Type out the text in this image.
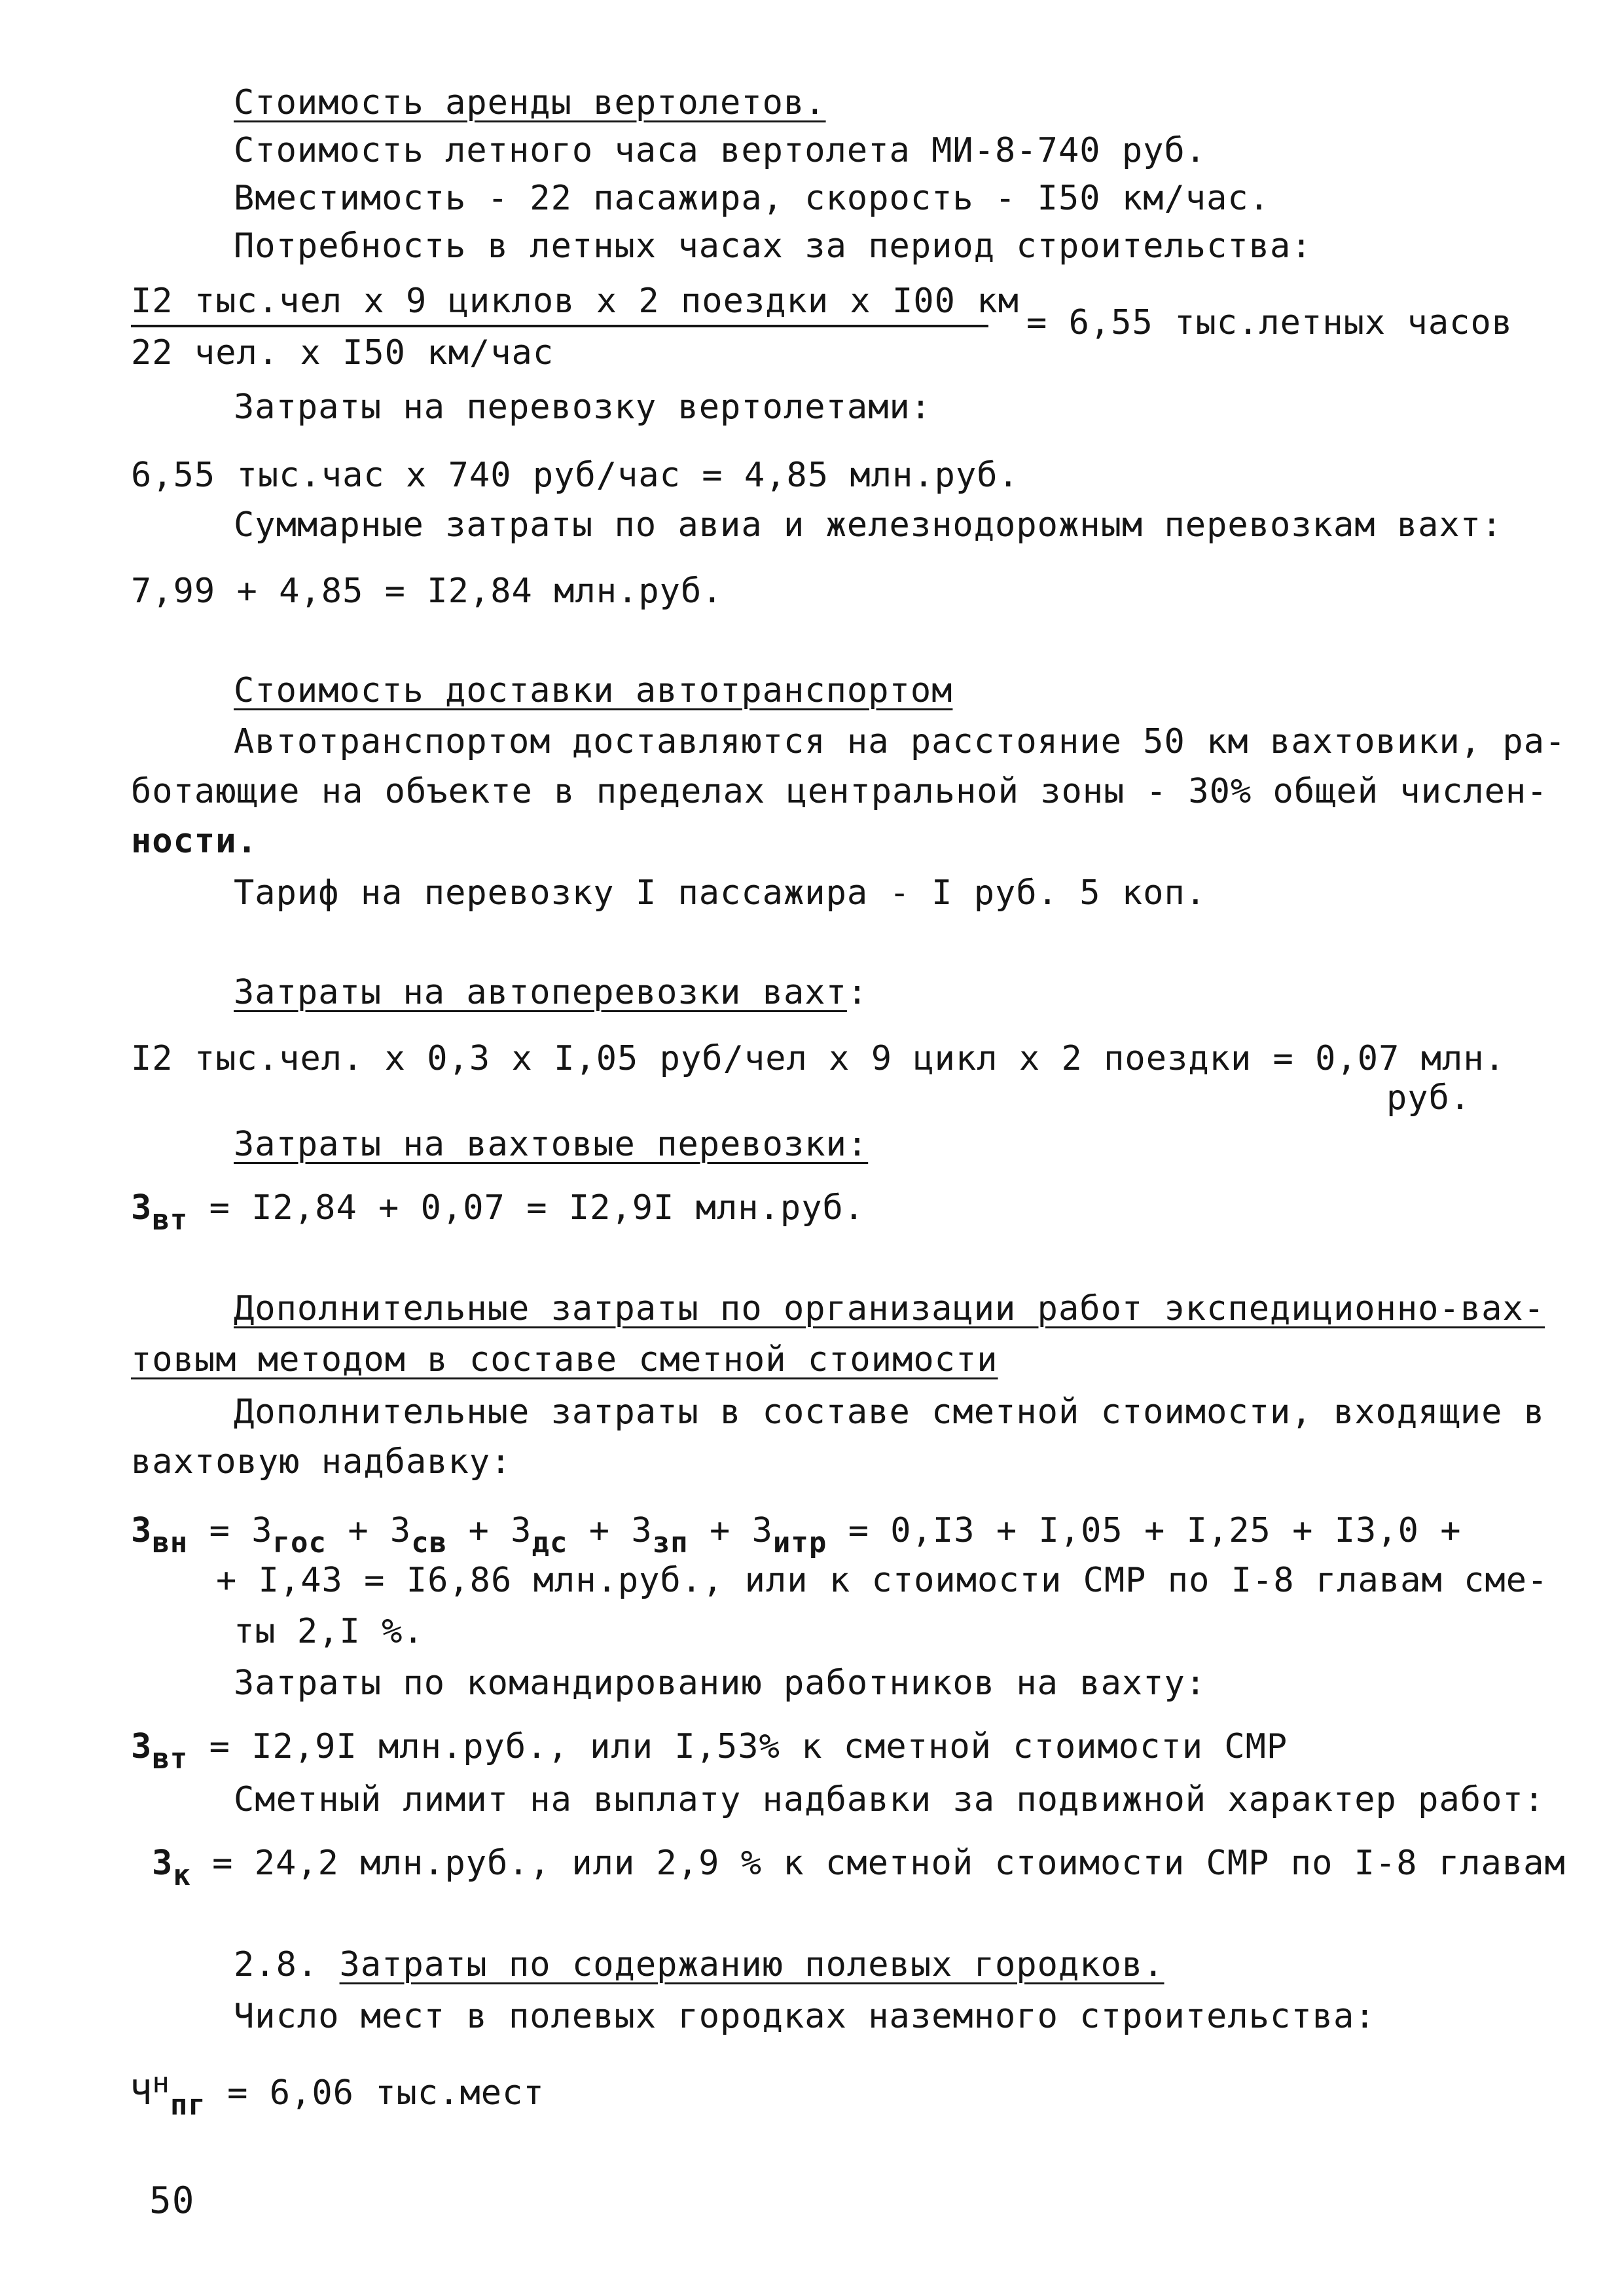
Стоимость аренды вертолетов.
Стоимость летного часа вертолета МИ-8-740 руб.
Вместимость - 22 пасажира, скорость - I50 км/час.
Потребность в летных часах за период строительства:
I2 тыс.чел х 9 циклов х 2 поездки х I00 км
22 чел. х I50 км/час
= 6,55 тыс.летных часов
Затраты на перевозку вертолетами:
6,55 тыс.час х 740 руб/час = 4,85 млн.руб.
Суммарные затраты по авиа и железнодорожным перевозкам вахт:
7,99 + 4,85 = I2,84 млн.руб.
Стоимость доставки автотранспортом
Автотранспортом доставляются на расстояние 50 км вахтовики, ра-
ботающие на объекте в пределах центральной зоны - 30% общей числен-
ности.
Тариф на перевозку I пассажира - I руб. 5 коп.
Затраты на автоперевозки вахт:
I2 тыс.чел. х 0,3 х I,05 руб/чел х 9 цикл х 2 поездки = 0,07 млн.
руб.
Затраты на вахтовые перевозки:
$З_{вт} = I2,84 + 0,07 = I2,9I$ млн.руб.
Дополнительные затраты по организации работ экспедиционно-вах-
товым методом в составе сметной стоимости
Дополнительные затраты в составе сметной стоимости, входящие в
вахтовую надбавку:
$З_{вн} = З_{гос} + З_{св} + З_{дс} + З_{зп} + З_{итр} = 0,I3 + I,05 + I,25 + I3,0$ +
+ I,43 = I6,86 млн.руб., или к стоимости СМР по I-8 главам сме-
ты 2,I %.
Затраты по командированию работников на вахту:
$З_{вт} = I2,9I$ млн.руб., или I,53% к сметной стоимости СМР
Сметный лимит на выплату надбавки за подвижной характер работ:
$З_к = 24,2$ млн.руб., или 2,9 % к сметной стоимости СМР по I-8 главам
2.8. Затраты по содержанию полевых городков.
Число мест в полевых городках наземного строительства:
$Ч^н_{пг} = 6,06$ тыс.мест
50
